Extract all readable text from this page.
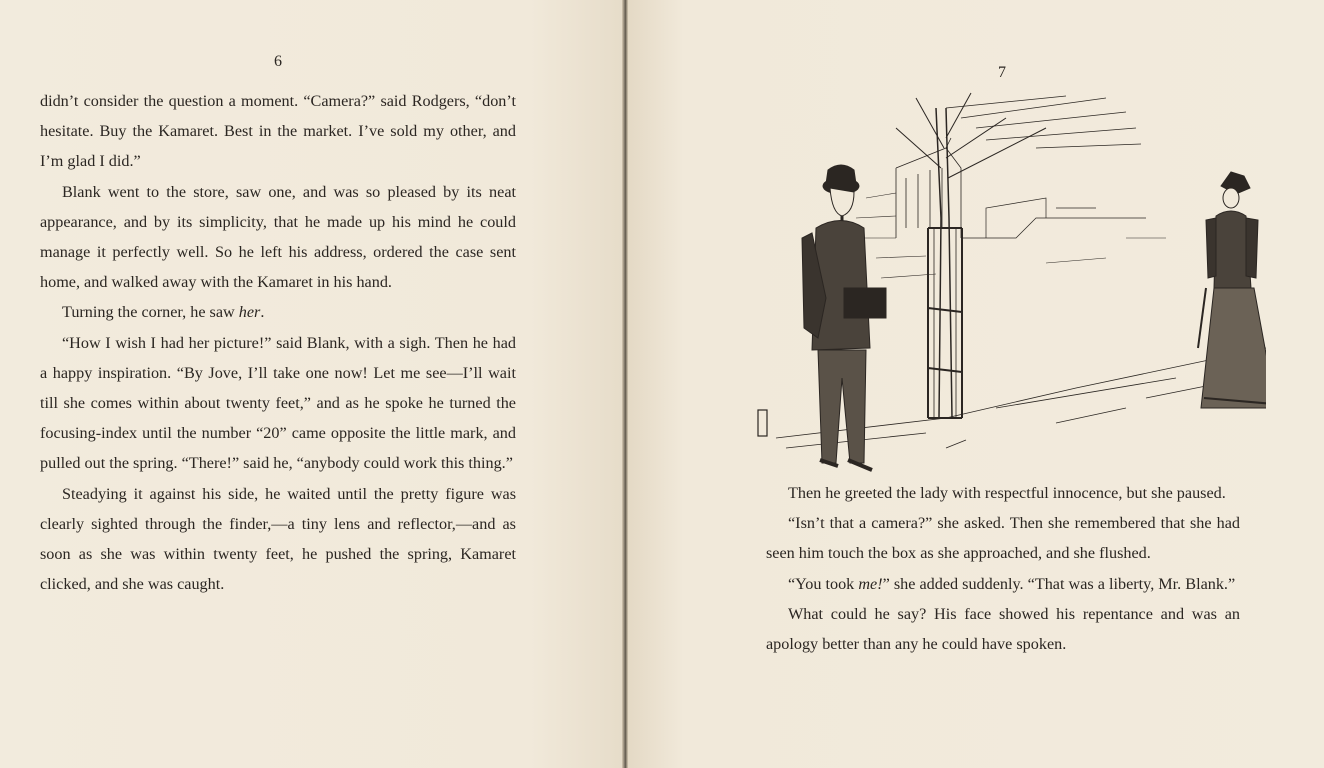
6

didn’t consider the question a moment. “Camera?” said Rodgers, “don’t hesitate. Buy the Kamaret. Best in the market. I’ve sold my other, and I’m glad I did.”

Blank went to the store, saw one, and was so pleased by its neat appearance, and by its simplicity, that he made up his mind he could manage it perfectly well. So he left his address, ordered the case sent home, and walked away with the Kamaret in his hand.

Turning the corner, he saw her.

“How I wish I had her picture!” said Blank, with a sigh. Then he had a happy inspiration. “By Jove, I’ll take one now! Let me see—I’ll wait till she comes within about twenty feet,” and as he spoke he turned the focusing-index until the number “20” came opposite the little mark, and pulled out the spring. “There!” said he, “anybody could work this thing.”

Steadying it against his side, he waited until the pretty figure was clearly sighted through the finder,—a tiny lens and reflector,—and as soon as she was within twenty feet, he pushed the spring, Kamaret clicked, and she was caught.

7

Then he greeted the lady with respectful innocence, but she paused.

“Isn’t that a camera?” she asked. Then she remembered that she had seen him touch the box as she approached, and she flushed.

“You took me!” she added suddenly. “That was a liberty, Mr. Blank.”

What could he say? His face showed his repentance and was an apology better than any he could have spoken.
